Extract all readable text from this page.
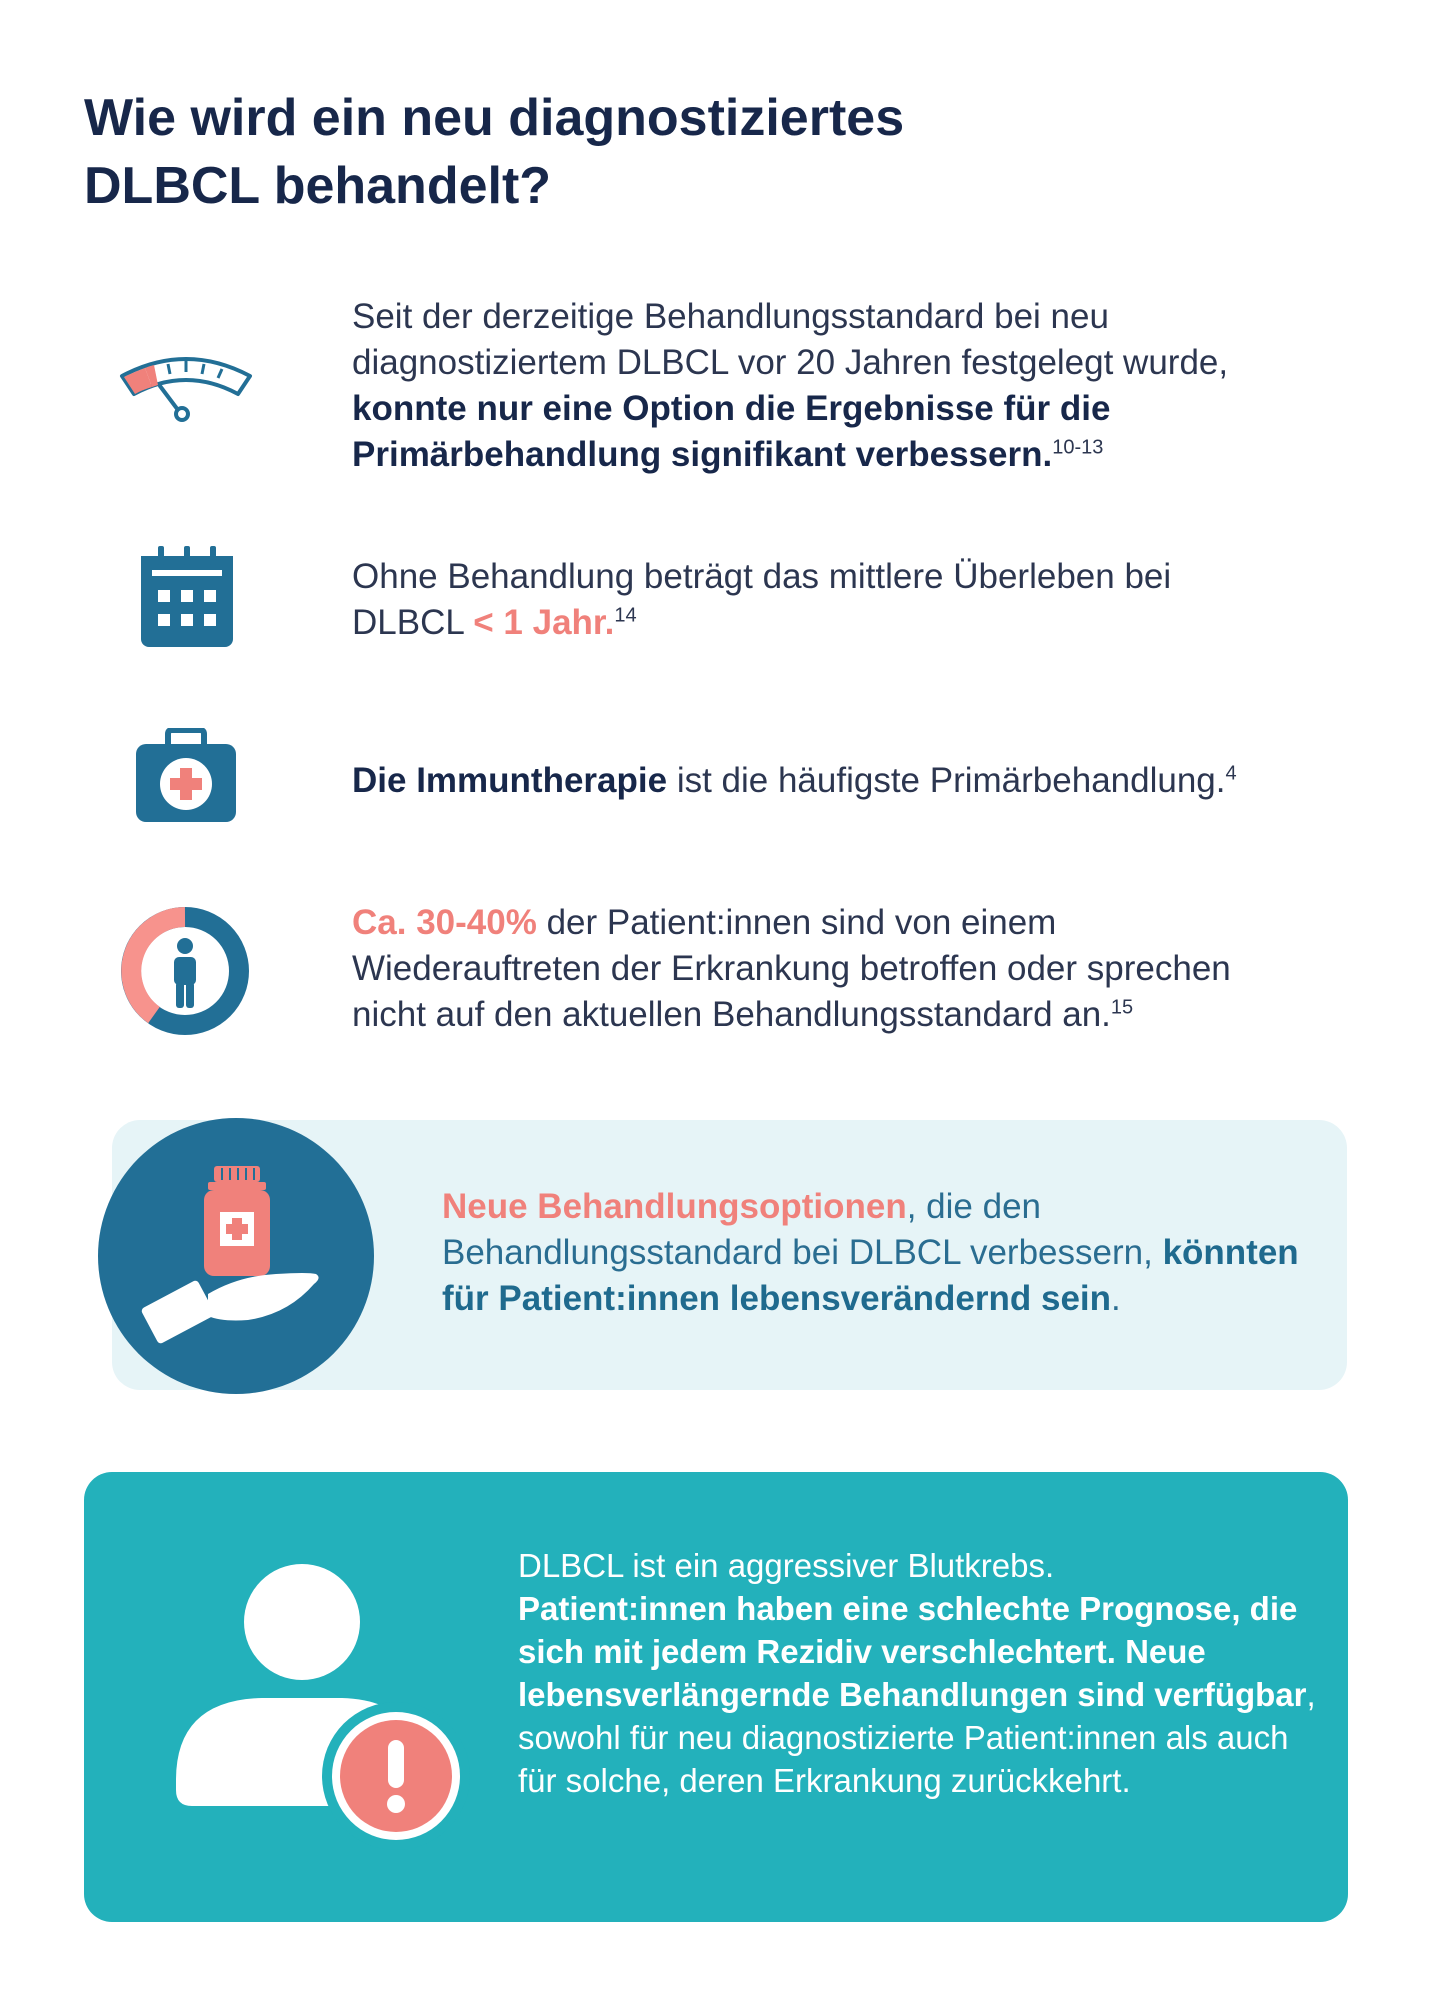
Wie wird ein neu diagnostiziertes
DLBCL behandelt?
Seit der derzeitige Behandlungsstandard bei neu diagnostiziertem DLBCL vor 20 Jahren festgelegt wurde, konnte nur eine Option die Ergebnisse für die Primärbehandlung signifikant verbessern.$^{10-13}$
Ohne Behandlung beträgt das mittlere Überleben bei DLBCL < 1 Jahr.$^{14}$
Die Immuntherapie ist die häufigste Primärbehandlung.$^4$
Ca. 30-40% der Patient:innen sind von einem Wiederauftreten der Erkrankung betroffen oder sprechen nicht auf den aktuellen Behandlungsstandard an.$^{15}$
Neue Behandlungsoptionen, die den Behandlungsstandard bei DLBCL verbessern, könnten für Patient:innen lebensverändernd sein.
DLBCL ist ein aggressiver Blutkrebs.
Patient:innen haben eine schlechte Prognose, die sich mit jedem Rezidiv verschlechtert. Neue lebensverlängernde Behandlungen sind verfügbar,
sowohl für neu diagnostizierte Patient:innen als auch für solche, deren Erkrankung zurückkehrt.
